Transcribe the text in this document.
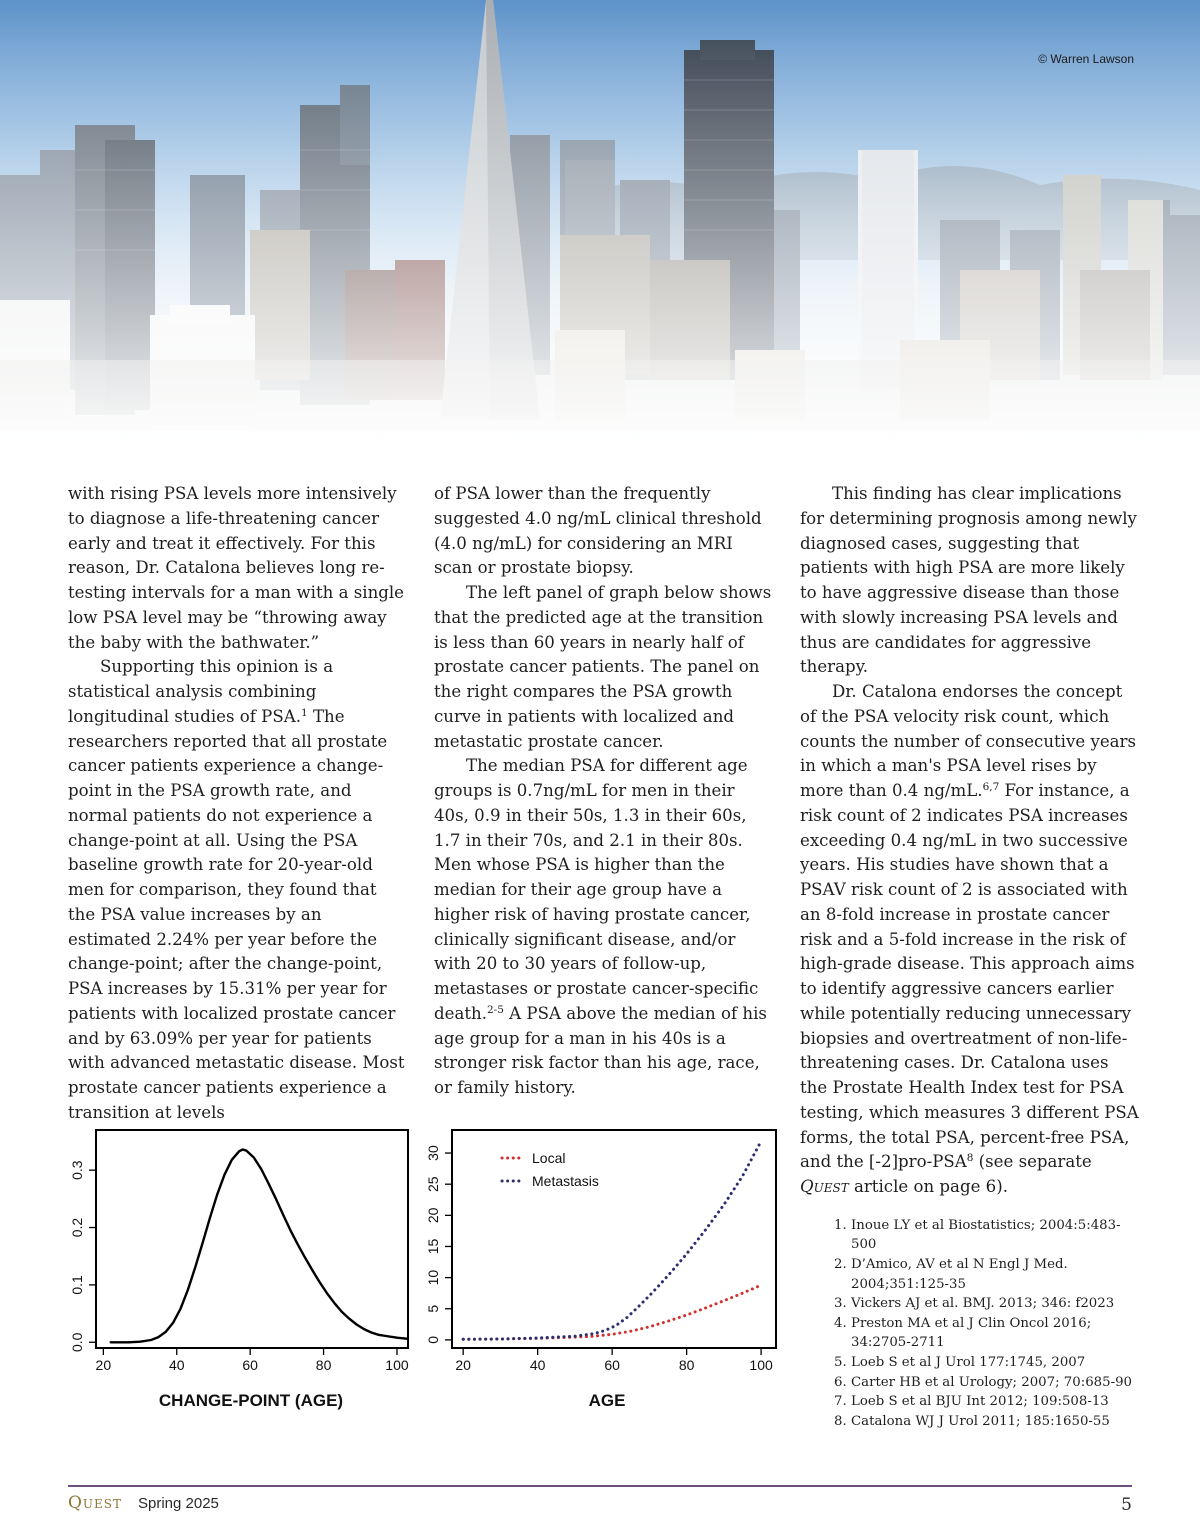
© Warren Lawson

with rising PSA levels more intensively to diagnose a life-threatening cancer early and treat it effectively. For this reason, Dr. Catalona believes long re-testing intervals for a man with a single low PSA level may be “throwing away the baby with the bathwater.”

Supporting this opinion is a statistical analysis combining longitudinal studies of PSA.$^1$ The researchers reported that all prostate cancer patients experience a change-point in the PSA growth rate, and normal patients do not experience a change-point at all. Using the PSA baseline growth rate for 20-year-old men for comparison, they found that the PSA value increases by an estimated 2.24% per year before the change-point; after the change-point, PSA increases by 15.31% per year for patients with localized prostate cancer and by 63.09% per year for patients with advanced metastatic disease. Most prostate cancer patients experience a transition at levels

of PSA lower than the frequently suggested 4.0 ng/mL clinical threshold (4.0 ng/mL) for considering an MRI scan or prostate biopsy.

The left panel of graph below shows that the predicted age at the transition is less than 60 years in nearly half of prostate cancer patients. The panel on the right compares the PSA growth curve in patients with localized and metastatic prostate cancer.

The median PSA for different age groups is 0.7ng/mL for men in their 40s, 0.9 in their 50s, 1.3 in their 60s, 1.7 in their 70s, and 2.1 in their 80s. Men whose PSA is higher than the median for their age group have a higher risk of having prostate cancer, clinically significant disease, and/or with 20 to 30 years of follow-up, metastases or prostate cancer-specific death.$^{2-5}$ A PSA above the median of his age group for a man in his 40s is a stronger risk factor than his age, race, or family history.

This finding has clear implications for determining prognosis among newly diagnosed cases, suggesting that patients with high PSA are more likely to have aggressive disease than those with slowly increasing PSA levels and thus are candidates for aggressive therapy.

Dr. Catalona endorses the concept of the PSA velocity risk count, which counts the number of consecutive years in which a man's PSA level rises by more than 0.4 ng/mL.$^{6,7}$ For instance, a risk count of 2 indicates PSA increases exceeding 0.4 ng/mL in two successive years. His studies have shown that a PSAV risk count of 2 is associated with an 8-fold increase in prostate cancer risk and a 5-fold increase in the risk of high-grade disease. This approach aims to identify aggressive cancers earlier while potentially reducing unnecessary biopsies and overtreatment of non-life-threatening cases. Dr. Catalona uses the Prostate Health Index test for PSA testing, which measures 3 different PSA forms, the total PSA, percent-free PSA, and the [-2]pro-PSA$^8$ (see separate Quest article on page 6).

1. Inoue LY et al Biostatistics; 2004:5:483-500
2. D’Amico, AV et al N Engl J Med. 2004;351:125-35
3. Vickers AJ et al. BMJ. 2013; 346: f2023
4. Preston MA et al J Clin Oncol 2016; 34:2705-2711
5. Loeb S et al J Urol 177:1745, 2007
6. Carter HB et al Urology; 2007; 70:685-90
7. Loeb S et al BJU Int 2012; 109:508-13
8. Catalona WJ J Urol 2011; 185:1650-55
20	40	60	80	100
0.0
0.1
0.2
0.3
CHANGE-POINT (AGE)
20	40	60	80	100
0
5
10
15
20
25
30
AGE
Local
Metastasis
Quest Spring 2025	5
